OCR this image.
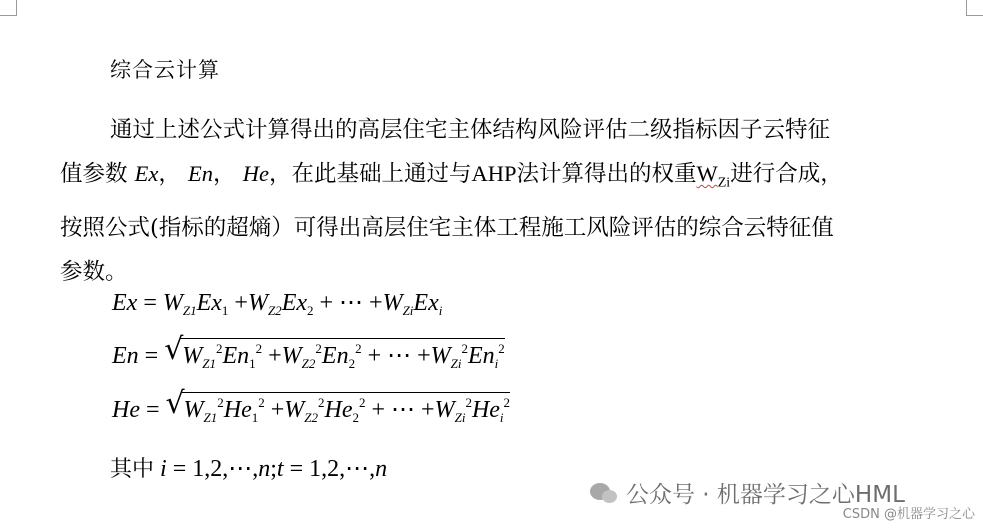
综合云计算
通过上述公式计算得出的高层住宅主体结构风险评估二级指标因子云特征
值参数 Ex， En， He，在此基础上通过与AHP法计算得出的权重$W_{Zi}$进行合成，
按照公式(指标的超熵）可得出高层住宅主体工程施工风险评估的综合云特征值
参数。
$Ex = W_{Z1}Ex_1 +W_{Z2}Ex_2$ + ⋯ $+W_{Zi}Ex_i$
En = √
$W_{Z1}^2En_1^2 +W_{Z2}^2En_2^2$ + ⋯ $+W_{Zi}^2En_i^2$
He = √
$W_{Z1}^2He_1^2 +W_{Z2}^2He_2^2$ + ⋯ $+W_{Zi}^2He_i^2$
其中 i = 1,2,⋯,n;t = 1,2,⋯,n
公众号 · 机器学习之心HML
CSDN @机器学习之心
